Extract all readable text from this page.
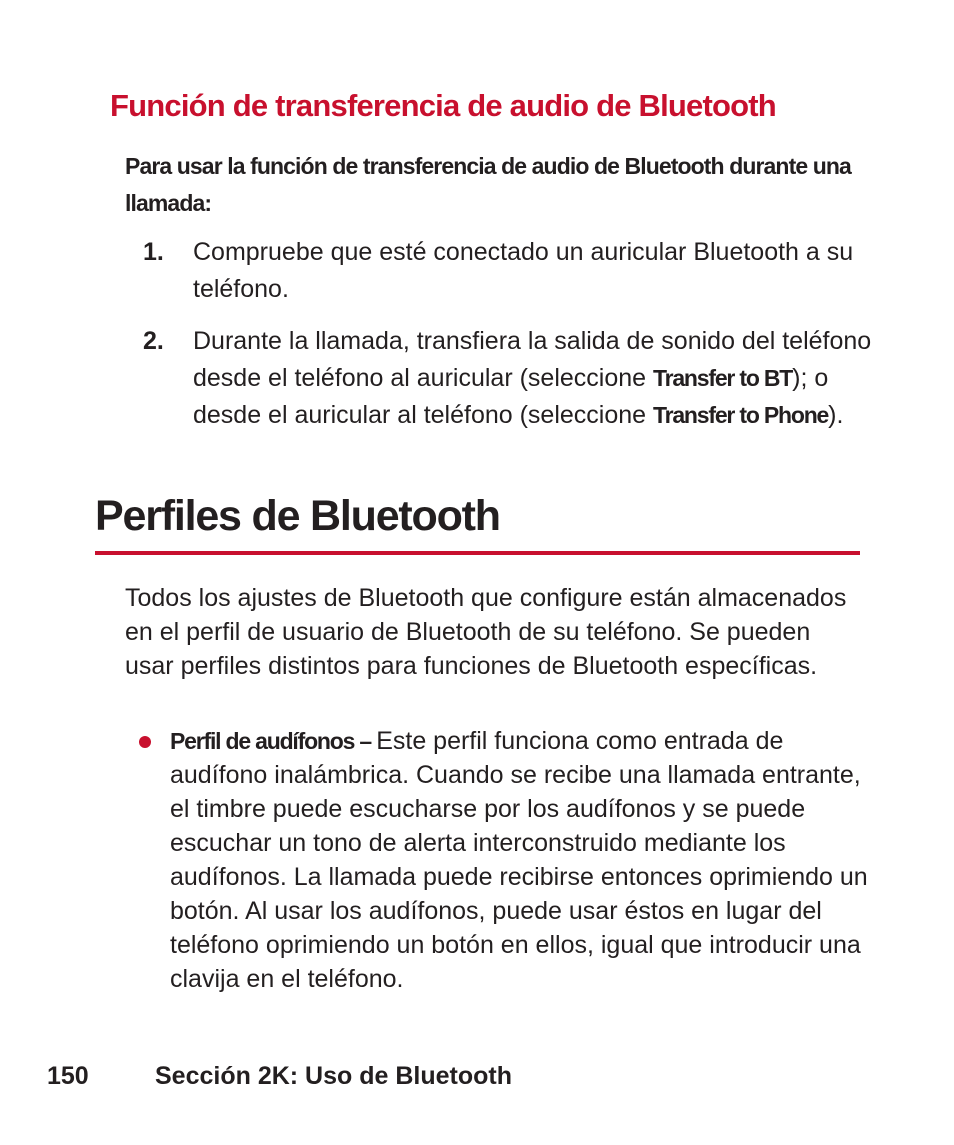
Función de transferencia de audio de Bluetooth

Para usar la función de transferencia de audio de Bluetooth durante una llamada:

1.	Compruebe que esté conectado un auricular Bluetooth a su teléfono.
2.	Durante la llamada, transfiera la salida de sonido del teléfono desde el teléfono al auricular (seleccione Transfer to BT); o desde el auricular al teléfono (seleccione Transfer to Phone).
Perfiles de Bluetooth

Todos los ajustes de Bluetooth que configure están almacenados en el perfil de usuario de Bluetooth de su teléfono. Se pueden usar perfiles distintos para funciones de Bluetooth específicas.

Perfil de audífonos – Este perfil funciona como entrada de audífono inalámbrica. Cuando se recibe una llamada entrante, el timbre puede escucharse por los audífonos y se puede escuchar un tono de alerta interconstruido mediante los audífonos. La llamada puede recibirse entonces oprimiendo un botón. Al usar los audífonos, puede usar éstos en lugar del teléfono oprimiendo un botón en ellos, igual que introducir una clavija en el teléfono.

150	Sección 2K: Uso de Bluetooth
